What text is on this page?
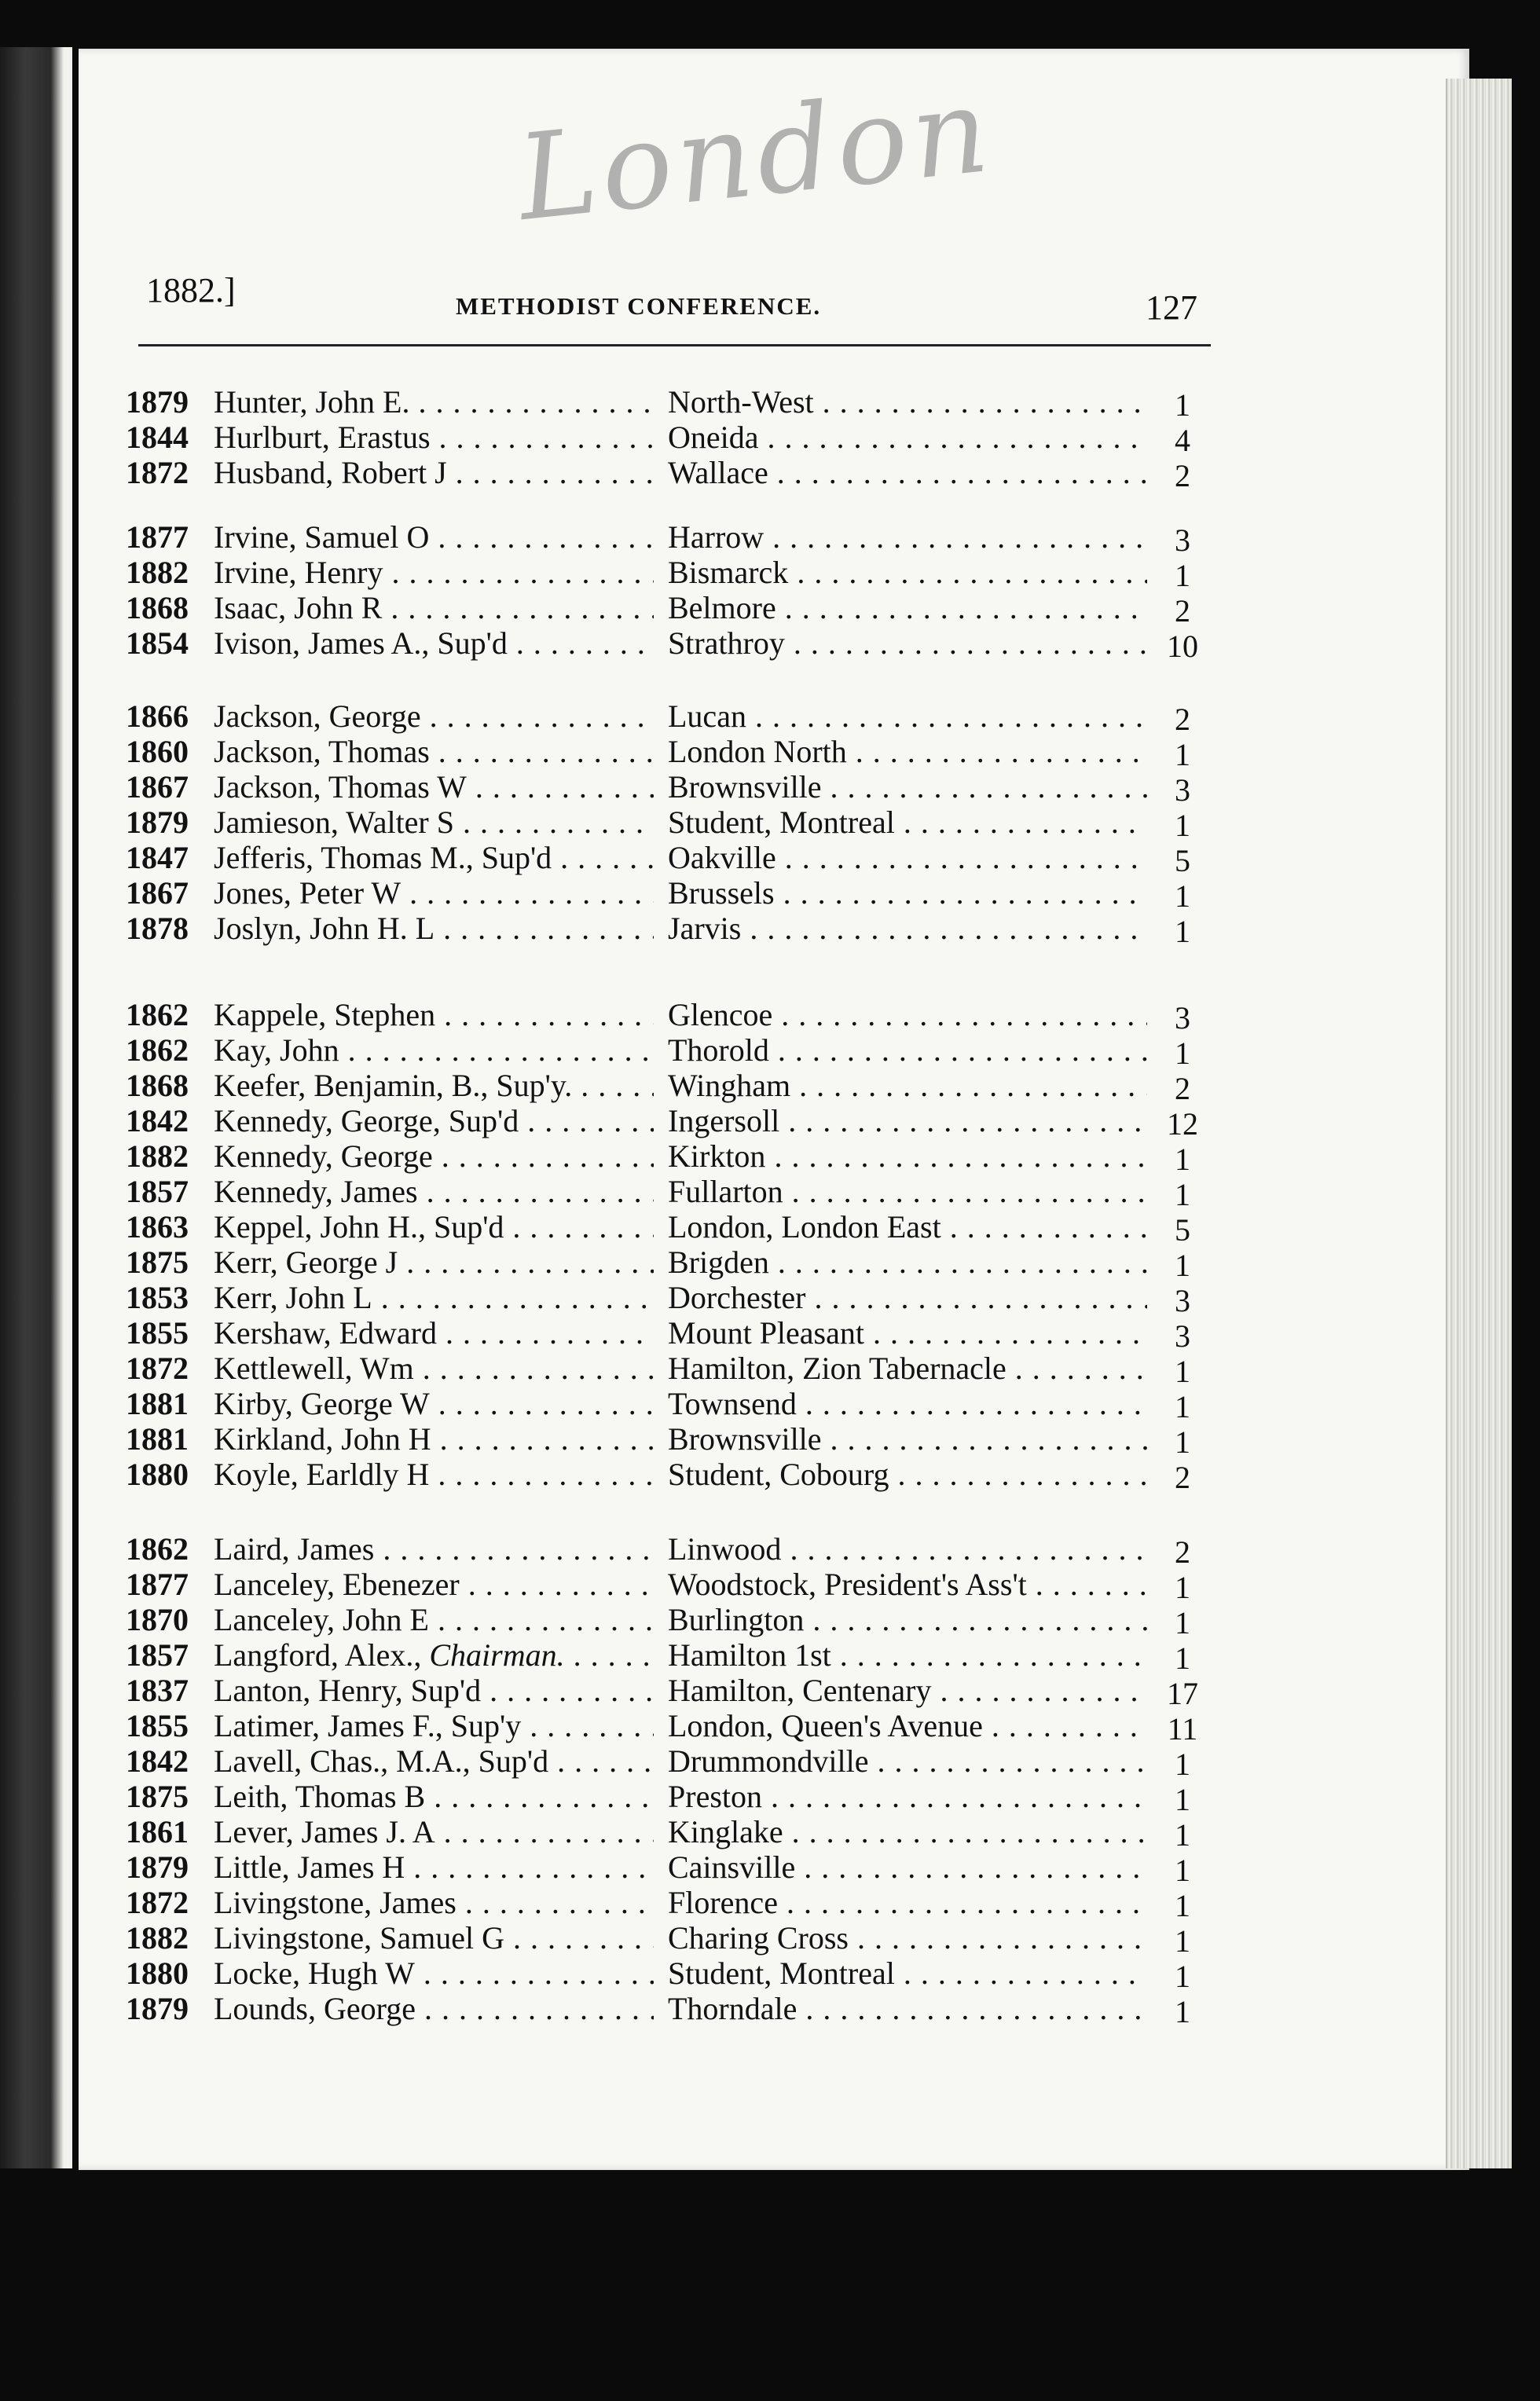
London
1882.]	METHODIST CONFERENCE.	127
1879 Hunter, John E. . . .	North-West . . .	1
1844 Hurlburt, Erastus . . .	Oneida . . .	4
1872 Husband, Robert J . . .	Wallace . . .	2
1877 Irvine, Samuel O . . .	Harrow . . .	3
1882 Irvine, Henry . . .	Bismarck . . .	1
1868 Isaac, John R . . .	Belmore . . .	2
1854 Ivison, James A., Sup'd . . .	Strathroy . . .	10
1866 Jackson, George . . .	Lucan . . .	2
1860 Jackson, Thomas . . .	London North . . .	1
1867 Jackson, Thomas W . . .	Brownsville . . .	3
1879 Jamieson, Walter S . . .	Student, Montreal . . .	1
1847 Jefferis, Thomas M., Sup'd . . .	Oakville . . .	5
1867 Jones, Peter W . . .	Brussels . . .	1
1878 Joslyn, John H. L . . .	Jarvis . . .	1
1862 Kappele, Stephen . . .	Glencoe . . .	3
1862 Kay, John . . .	Thorold . . .	1
1868 Keefer, Benjamin, B., Sup'y. . . .	Wingham . . .	2
1842 Kennedy, George, Sup'd . . .	Ingersoll . . .	12
1882 Kennedy, George . . .	Kirkton . . .	1
1857 Kennedy, James . . .	Fullarton . . .	1
1863 Keppel, John H., Sup'd . . .	London, London East . . .	5
1875 Kerr, George J . . .	Brigden . . .	1
1853 Kerr, John L . . .	Dorchester . . .	3
1855 Kershaw, Edward . . .	Mount Pleasant . . .	3
1872 Kettlewell, Wm . . .	Hamilton, Zion Tabernacle . . .	1
1881 Kirby, George W . . .	Townsend . . .	1
1881 Kirkland, John H . . .	Brownsville . . .	1
1880 Koyle, Earldly H . . .	Student, Cobourg . . .	2
1862 Laird, James . . .	Linwood . . .	2
1877 Lanceley, Ebenezer . . .	Woodstock, President's Ass't . . .	1
1870 Lanceley, John E . . .	Burlington . . .	1
1857 Langford, Alex., Chairman. . . .	Hamilton 1st . . .	1
1837 Lanton, Henry, Sup'd . . .	Hamilton, Centenary . . .	17
1855 Latimer, James F., Sup'y . . .	London, Queen's Avenue . . .	11
1842 Lavell, Chas., M.A., Sup'd . . .	Drummondville . . .	1
1875 Leith, Thomas B . . .	Preston . . .	1
1861 Lever, James J. A . . .	Kinglake . . .	1
1879 Little, James H . . .	Cainsville . . .	1
1872 Livingstone, James . . .	Florence . . .	1
1882 Livingstone, Samuel G . . .	Charing Cross . . .	1
1880 Locke, Hugh W . . .	Student, Montreal . . .	1
1879 Lounds, George . . .	Thorndale . . .	1
